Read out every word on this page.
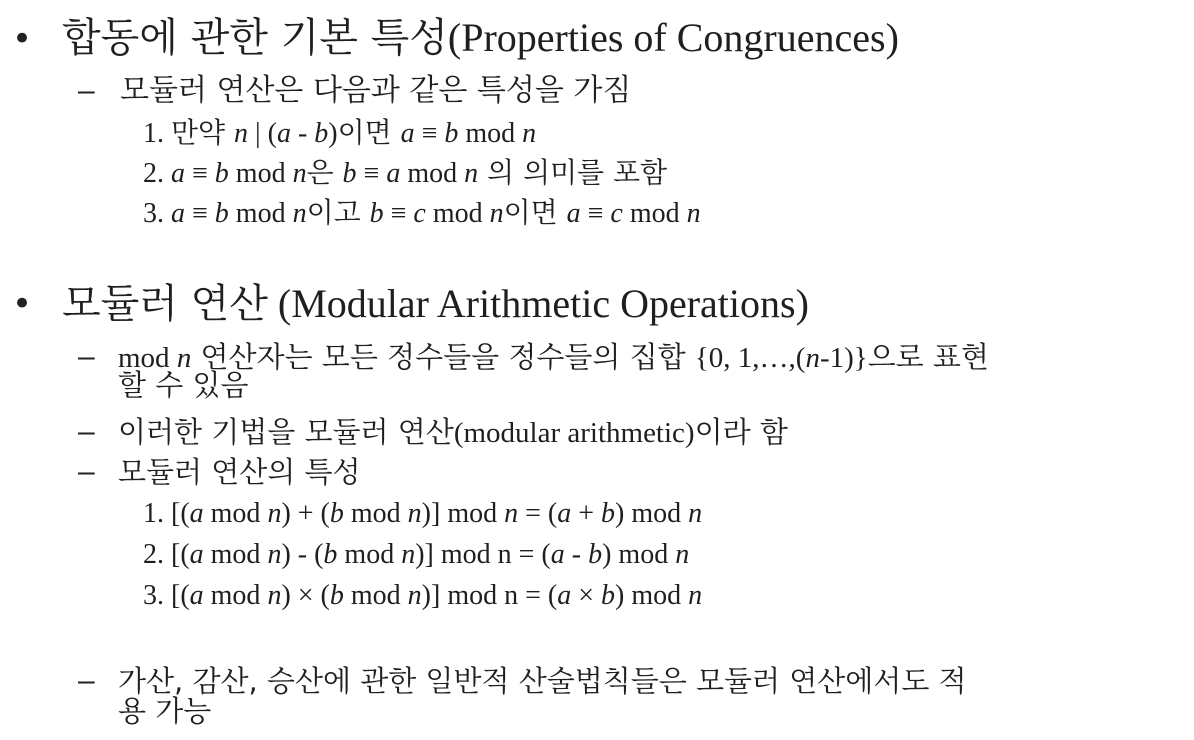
• 합동에 관한 기본 특성(Properties of Congruences)
– 모듈러 연산은 다음과 같은 특성을 가짐
1. 만약 n | (a - b)이면 a ≡ b mod n
2. a ≡ b mod n은 b ≡ a mod n 의 의미를 포함
3. a ≡ b mod n이고 b ≡ c mod n이면 a ≡ c mod n
• 모듈러 연산 (Modular Arithmetic Operations)
– mod n 연산자는 모든 정수들을 정수들의 집합 {0, 1,…,(n-1)}으로 표현
할 수 있음
– 이러한 기법을 모듈러 연산(modular arithmetic)이라 함
– 모듈러 연산의 특성
1. [(a mod n) + (b mod n)] mod n = (a + b) mod n
2. [(a mod n) - (b mod n)] mod n = (a - b) mod n
3. [(a mod n) × (b mod n)] mod n = (a × b) mod n
– 가산, 감산, 승산에 관한 일반적 산술법칙들은 모듈러 연산에서도 적
용 가능
